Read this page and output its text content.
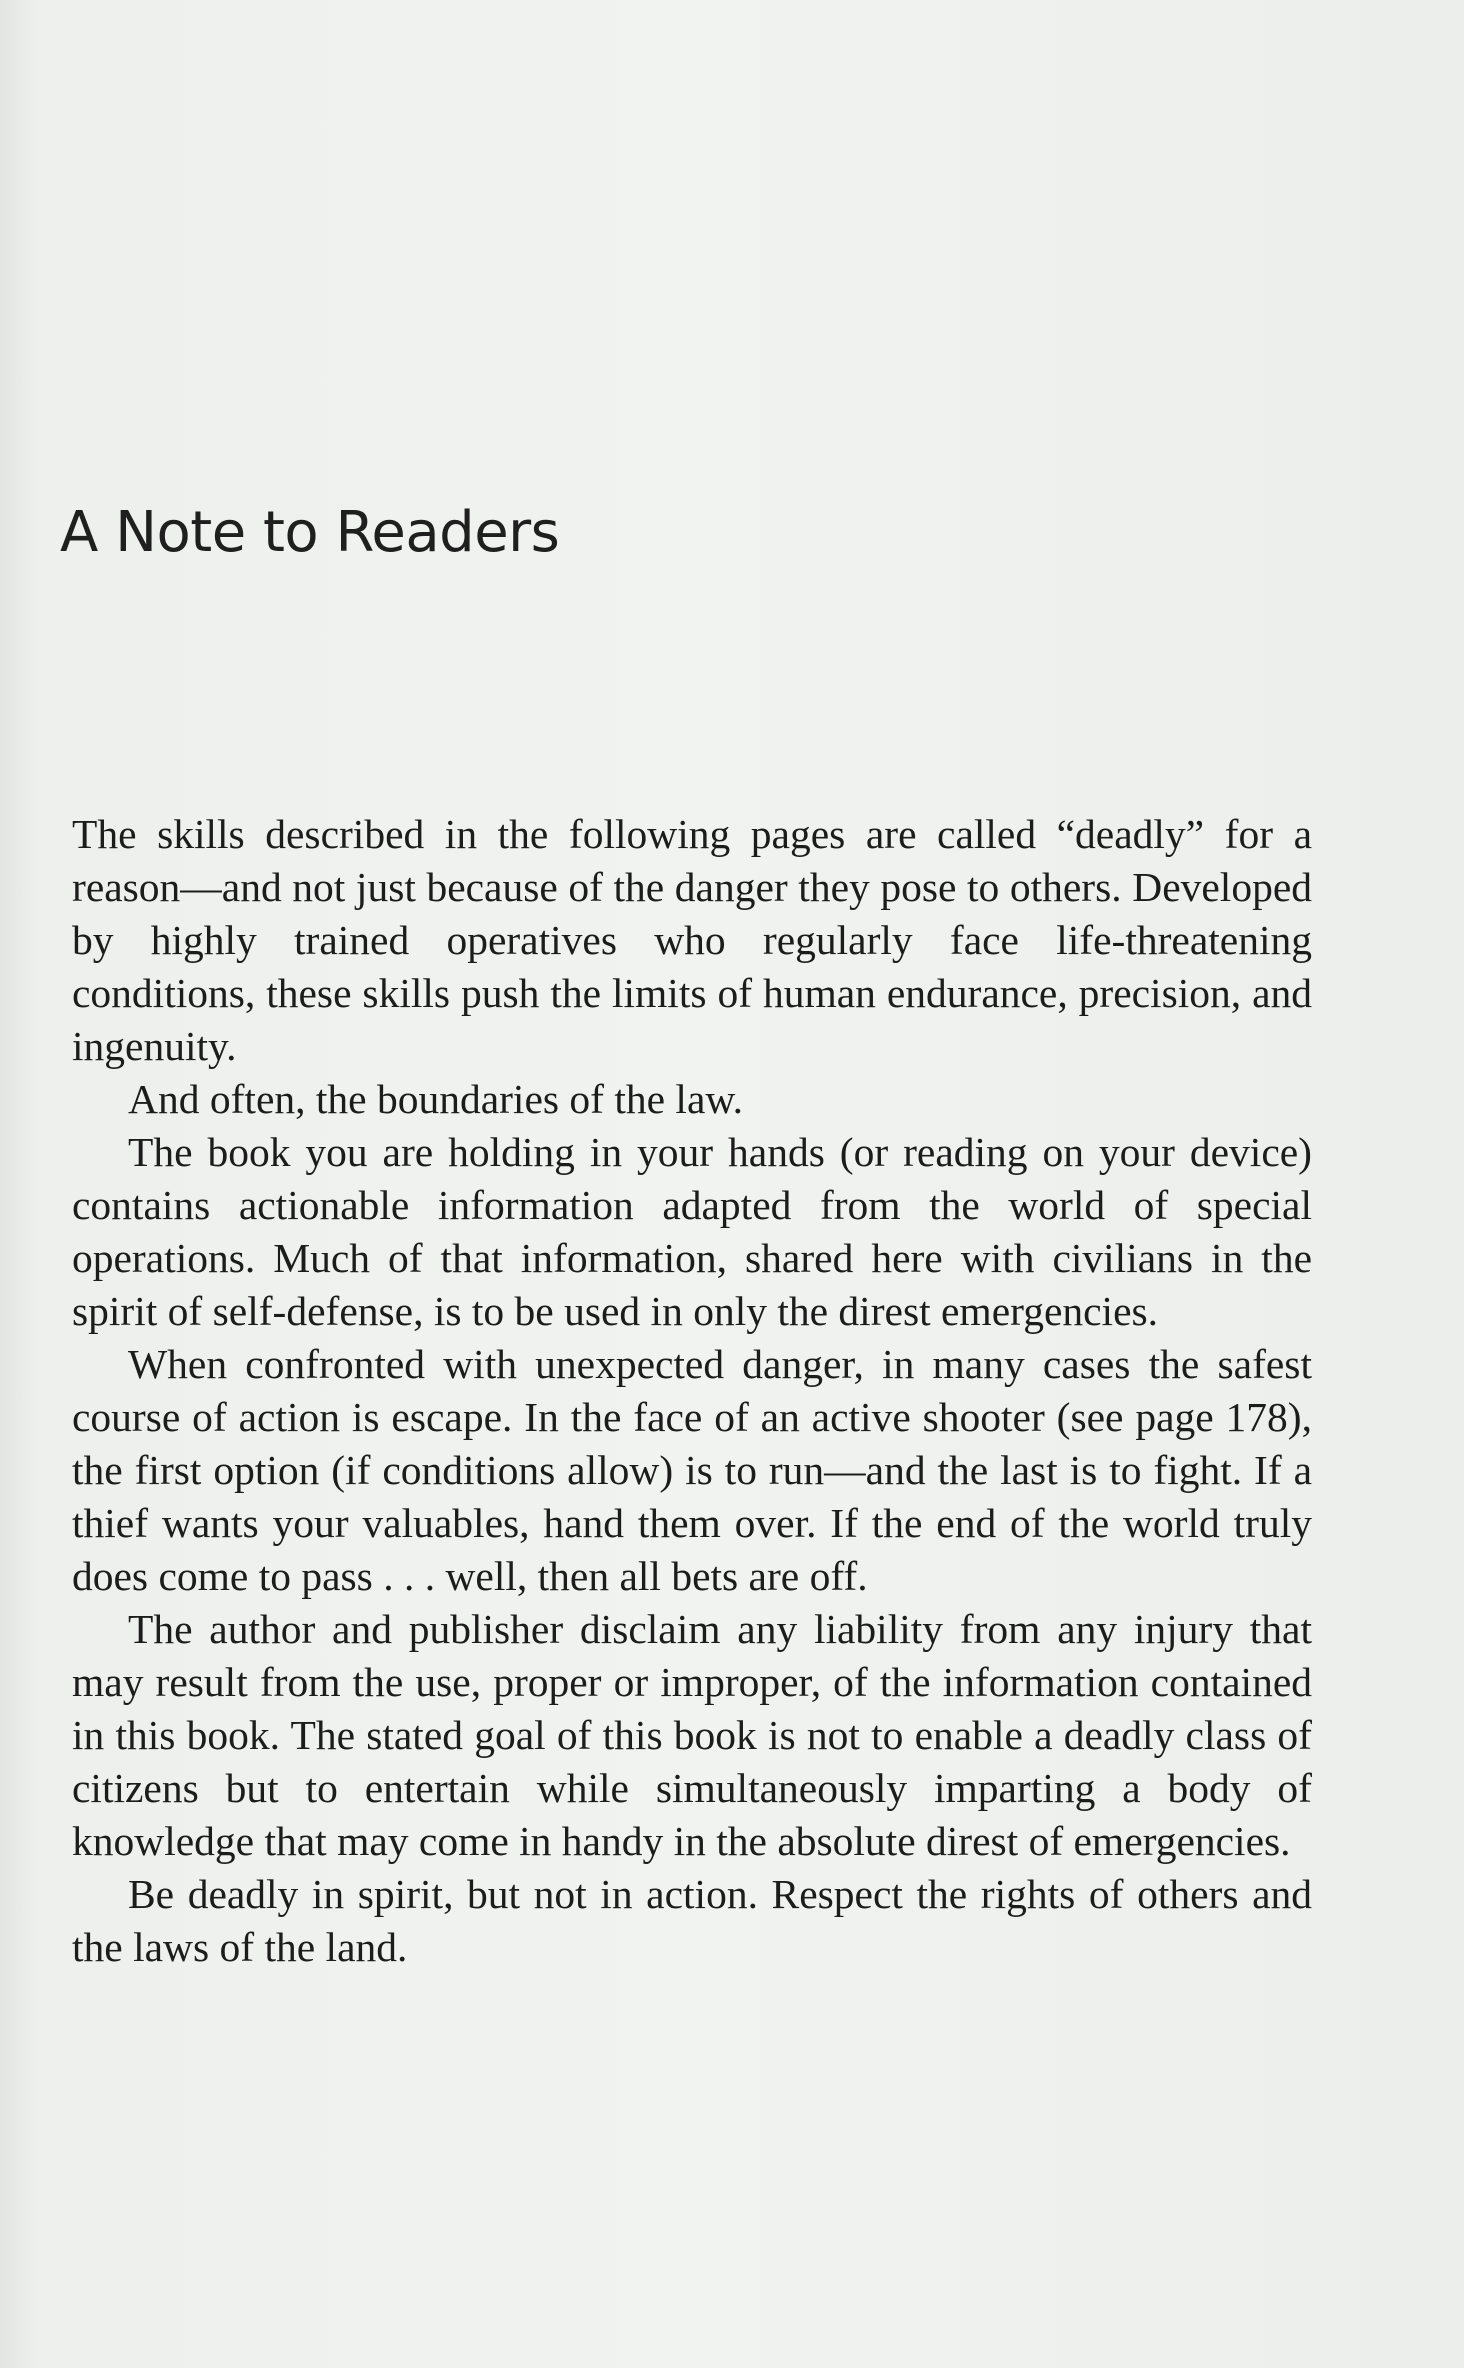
A Note to Readers

The skills described in the following pages are called “deadly” for a reason—and not just because of the danger they pose to others. Developed by highly trained operatives who regularly face life-threatening conditions, these skills push the limits of human endurance, precision, and ingenuity.

And often, the boundaries of the law.

The book you are holding in your hands (or reading on your device) contains actionable information adapted from the world of special operations. Much of that information, shared here with civilians in the spirit of self-defense, is to be used in only the direst emergencies.

When confronted with unexpected danger, in many cases the safest course of action is escape. In the face of an active shooter (see page 178), the first option (if conditions allow) is to run—and the last is to fight. If a thief wants your valuables, hand them over. If the end of the world truly does come to pass . . . well, then all bets are off.

The author and publisher disclaim any liability from any injury that may result from the use, proper or improper, of the information contained in this book. The stated goal of this book is not to enable a deadly class of citizens but to entertain while simultaneously imparting a body of knowledge that may come in handy in the absolute direst of emergencies.

Be deadly in spirit, but not in action. Respect the rights of others and the laws of the land.
